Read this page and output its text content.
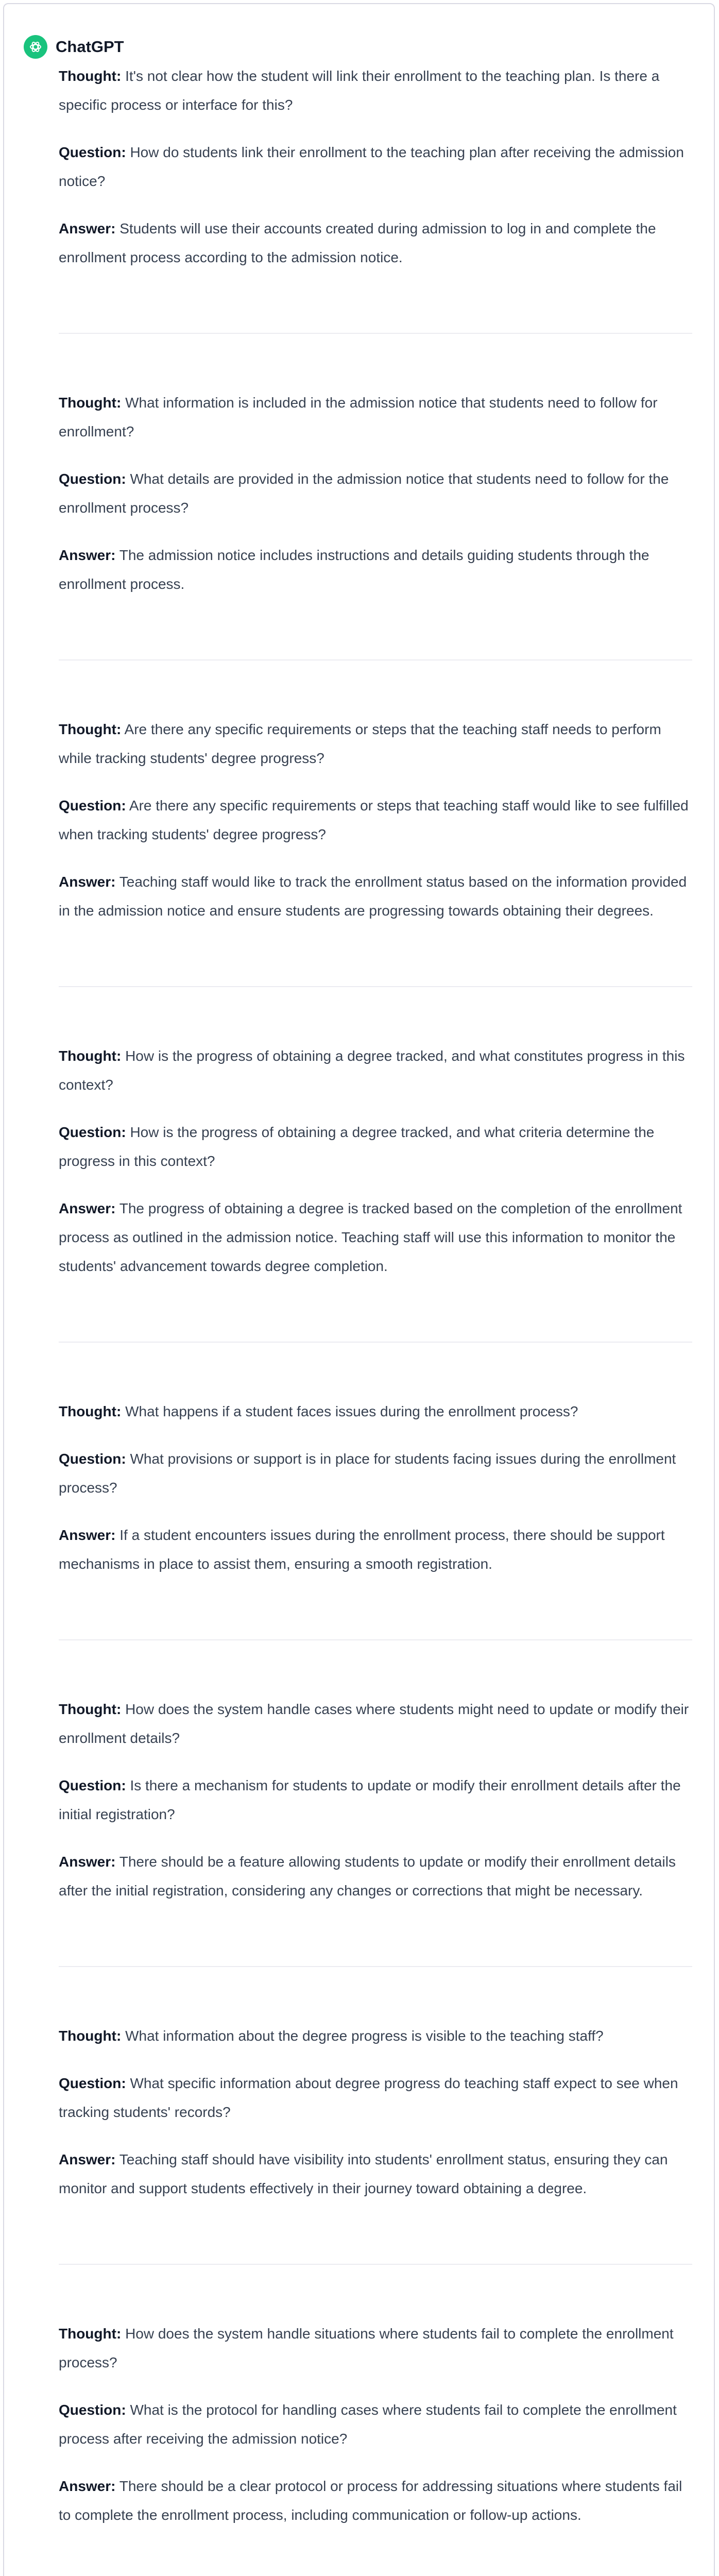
ChatGPT

Thought: It's not clear how the student will link their enrollment to the teaching plan. Is there a specific process or interface for this?

Question: How do students link their enrollment to the teaching plan after receiving the admission notice?

Answer: Students will use their accounts created during admission to log in and complete the enrollment process according to the admission notice.

Thought: What information is included in the admission notice that students need to follow for enrollment?

Question: What details are provided in the admission notice that students need to follow for the enrollment process?

Answer: The admission notice includes instructions and details guiding students through the enrollment process.

Thought: Are there any specific requirements or steps that the teaching staff needs to perform while tracking students' degree progress?

Question: Are there any specific requirements or steps that teaching staff would like to see fulfilled when tracking students' degree progress?

Answer: Teaching staff would like to track the enrollment status based on the information provided in the admission notice and ensure students are progressing towards obtaining their degrees.

Thought: How is the progress of obtaining a degree tracked, and what constitutes progress in this context?

Question: How is the progress of obtaining a degree tracked, and what criteria determine the progress in this context?

Answer: The progress of obtaining a degree is tracked based on the completion of the enrollment process as outlined in the admission notice. Teaching staff will use this information to monitor the students' advancement towards degree completion.

Thought: What happens if a student faces issues during the enrollment process?

Question: What provisions or support is in place for students facing issues during the enrollment process?

Answer: If a student encounters issues during the enrollment process, there should be support mechanisms in place to assist them, ensuring a smooth registration.

Thought: How does the system handle cases where students might need to update or modify their enrollment details?

Question: Is there a mechanism for students to update or modify their enrollment details after the initial registration?

Answer: There should be a feature allowing students to update or modify their enrollment details after the initial registration, considering any changes or corrections that might be necessary.

Thought: What information about the degree progress is visible to the teaching staff?

Question: What specific information about degree progress do teaching staff expect to see when tracking students' records?

Answer: Teaching staff should have visibility into students' enrollment status, ensuring they can monitor and support students effectively in their journey toward obtaining a degree.

Thought: How does the system handle situations where students fail to complete the enrollment process?

Question: What is the protocol for handling cases where students fail to complete the enrollment process after receiving the admission notice?

Answer: There should be a clear protocol or process for addressing situations where students fail to complete the enrollment process, including communication or follow-up actions.
